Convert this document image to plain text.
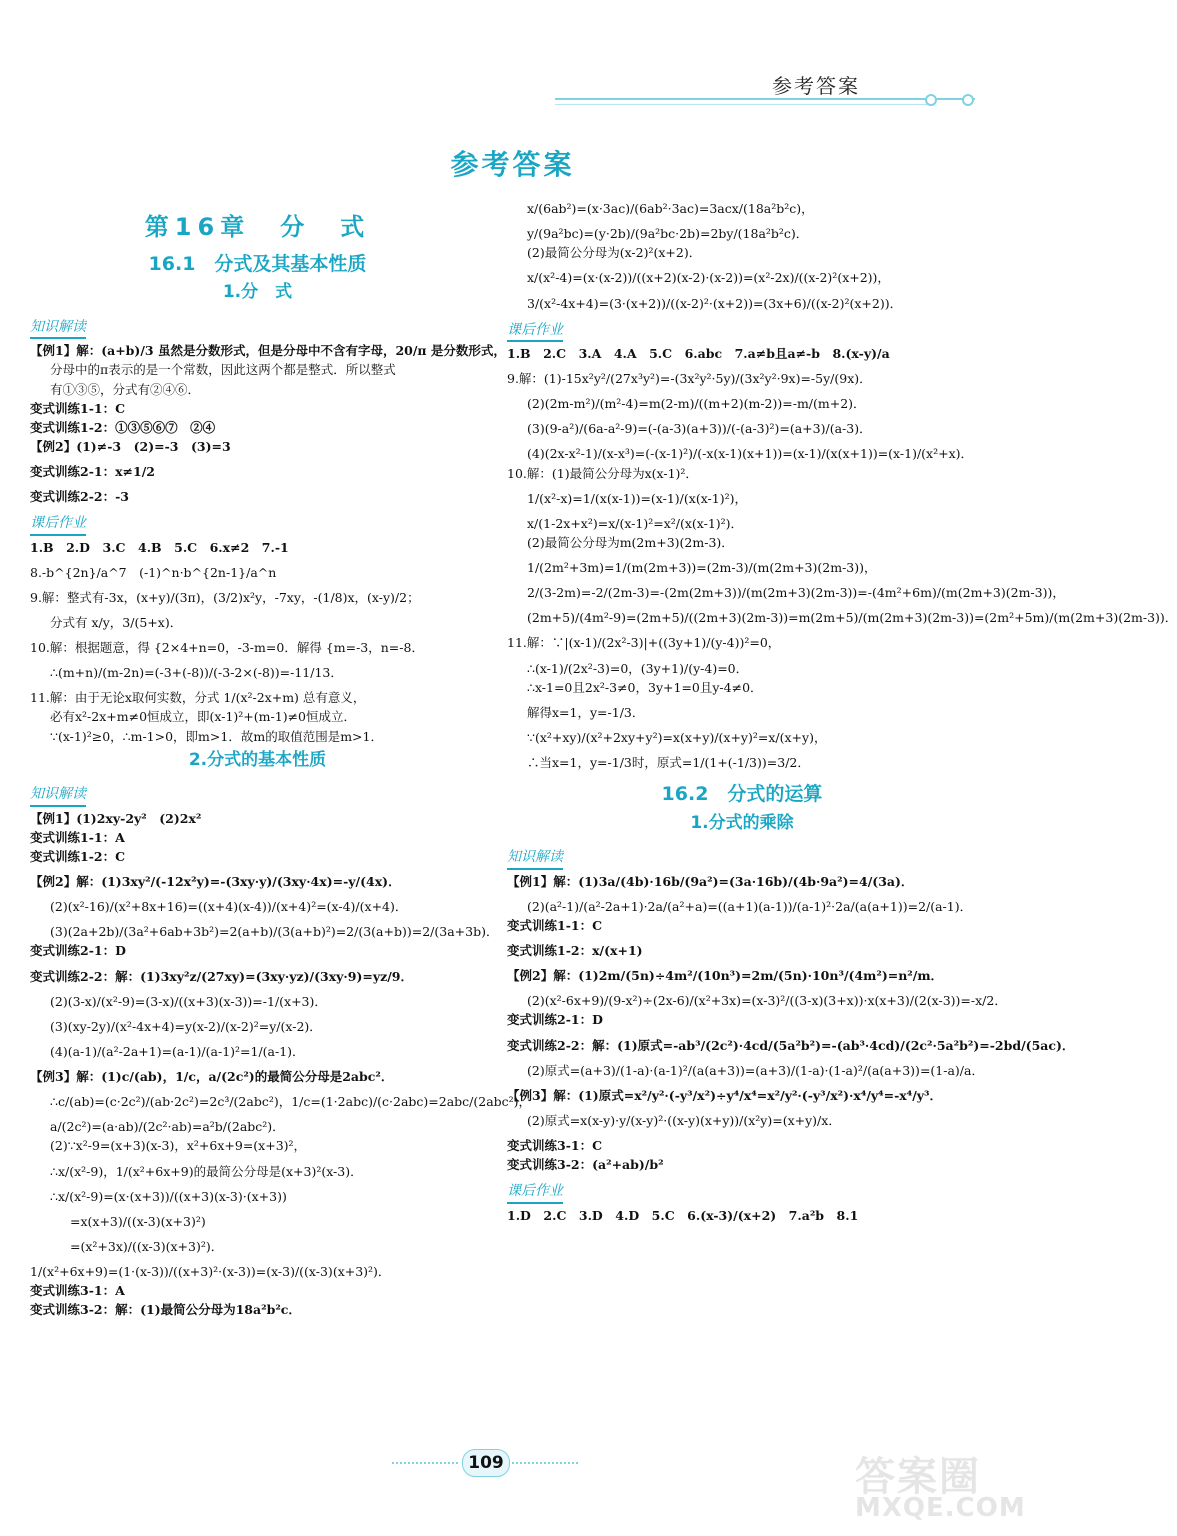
参考答案
参考答案
第16章　分　式
16.1　分式及其基本性质
1.分　式
知识解读
【例1】解：(a+b)/3 虽然是分数形式，但是分母中不含有字母，20/π 是分数形式，
分母中的π表示的是一个常数，因此这两个都是整式．所以整式
有①③⑤，分式有②④⑥．
变式训练1-1：C
变式训练1-2：①③⑤⑥⑦　②④
【例2】(1)≠-3　(2)=-3　(3)=3
变式训练2-1：x≠1/2
变式训练2-2：-3
课后作业
1.B　2.D　3.C　4.B　5.C　6.x≠2　7.-1
8.-b^{2n}/a^7　(-1)^n·b^{2n-1}/a^n
9.解：整式有-3x，(x+y)/(3π)，(3/2)x²y，-7xy，-(1/8)x，(x-y)/2；
分式有 x/y，3/(5+x)．
10.解：根据题意，得 {2×4+n=0，-3-m=0．解得 {m=-3，n=-8．
∴(m+n)/(m-2n)=(-3+(-8))/(-3-2×(-8))=-11/13．
11.解：由于无论x取何实数，分式 1/(x²-2x+m) 总有意义，
必有x²-2x+m≠0恒成立，即(x-1)²+(m-1)≠0恒成立．
∵(x-1)²≥0，∴m-1>0，即m>1．故m的取值范围是m>1．
2.分式的基本性质
知识解读
【例1】(1)2xy-2y²　(2)2x²
变式训练1-1：A
变式训练1-2：C
【例2】解：(1)3xy²/(-12x²y)=-(3xy·y)/(3xy·4x)=-y/(4x)．
(2)(x²-16)/(x²+8x+16)=((x+4)(x-4))/(x+4)²=(x-4)/(x+4)．
(3)(2a+2b)/(3a²+6ab+3b²)=2(a+b)/(3(a+b)²)=2/(3(a+b))=2/(3a+3b)．
变式训练2-1：D
变式训练2-2：解：(1)3xy²z/(27xy)=(3xy·yz)/(3xy·9)=yz/9．
(2)(3-x)/(x²-9)=(3-x)/((x+3)(x-3))=-1/(x+3)．
(3)(xy-2y)/(x²-4x+4)=y(x-2)/(x-2)²=y/(x-2)．
(4)(a-1)/(a²-2a+1)=(a-1)/(a-1)²=1/(a-1)．
【例3】解：(1)c/(ab)，1/c，a/(2c²)的最简公分母是2abc²．
∴c/(ab)=(c·2c²)/(ab·2c²)=2c³/(2abc²)，1/c=(1·2abc)/(c·2abc)=2abc/(2abc²)，
a/(2c²)=(a·ab)/(2c²·ab)=a²b/(2abc²)．
(2)∵x²-9=(x+3)(x-3)，x²+6x+9=(x+3)²，
∴x/(x²-9)，1/(x²+6x+9)的最简公分母是(x+3)²(x-3)．
∴x/(x²-9)=(x·(x+3))/((x+3)(x-3)·(x+3))
=x(x+3)/((x-3)(x+3)²)
=(x²+3x)/((x-3)(x+3)²)．
1/(x²+6x+9)=(1·(x-3))/((x+3)²·(x-3))=(x-3)/((x-3)(x+3)²)．
变式训练3-1：A
变式训练3-2：解：(1)最简公分母为18a²b²c．
x/(6ab²)=(x·3ac)/(6ab²·3ac)=3acx/(18a²b²c)，
y/(9a²bc)=(y·2b)/(9a²bc·2b)=2by/(18a²b²c)．
(2)最简公分母为(x-2)²(x+2)．
x/(x²-4)=(x·(x-2))/((x+2)(x-2)·(x-2))=(x²-2x)/((x-2)²(x+2))，
3/(x²-4x+4)=(3·(x+2))/((x-2)²·(x+2))=(3x+6)/((x-2)²(x+2))．
课后作业
1.B　2.C　3.A　4.A　5.C　6.abc　7.a≠b且a≠-b　8.(x-y)/a
9.解：(1)-15x²y²/(27x³y²)=-(3x²y²·5y)/(3x²y²·9x)=-5y/(9x)．
(2)(2m-m²)/(m²-4)=m(2-m)/((m+2)(m-2))=-m/(m+2)．
(3)(9-a²)/(6a-a²-9)=(-(a-3)(a+3))/(-(a-3)²)=(a+3)/(a-3)．
(4)(2x-x²-1)/(x-x³)=(-(x-1)²)/(-x(x-1)(x+1))=(x-1)/(x(x+1))=(x-1)/(x²+x)．
10.解：(1)最简公分母为x(x-1)²．
1/(x²-x)=1/(x(x-1))=(x-1)/(x(x-1)²)，
x/(1-2x+x²)=x/(x-1)²=x²/(x(x-1)²)．
(2)最简公分母为m(2m+3)(2m-3)．
1/(2m²+3m)=1/(m(2m+3))=(2m-3)/(m(2m+3)(2m-3))，
2/(3-2m)=-2/(2m-3)=-(2m(2m+3))/(m(2m+3)(2m-3))=-(4m²+6m)/(m(2m+3)(2m-3))，
(2m+5)/(4m²-9)=(2m+5)/((2m+3)(2m-3))=m(2m+5)/(m(2m+3)(2m-3))=(2m²+5m)/(m(2m+3)(2m-3))．
11.解：∵|(x-1)/(2x²-3)|+((3y+1)/(y-4))²=0，
∴(x-1)/(2x²-3)=0，(3y+1)/(y-4)=0．
∴x-1=0且2x²-3≠0，3y+1=0且y-4≠0．
解得x=1，y=-1/3．
∵(x²+xy)/(x²+2xy+y²)=x(x+y)/(x+y)²=x/(x+y)，
∴当x=1，y=-1/3时，原式=1/(1+(-1/3))=3/2．
16.2　分式的运算
1.分式的乘除
知识解读
【例1】解：(1)3a/(4b)·16b/(9a²)=(3a·16b)/(4b·9a²)=4/(3a)．
(2)(a²-1)/(a²-2a+1)·2a/(a²+a)=((a+1)(a-1))/(a-1)²·2a/(a(a+1))=2/(a-1)．
变式训练1-1：C
变式训练1-2：x/(x+1)
【例2】解：(1)2m/(5n)÷4m²/(10n³)=2m/(5n)·10n³/(4m²)=n²/m．
(2)(x²-6x+9)/(9-x²)÷(2x-6)/(x²+3x)=(x-3)²/((3-x)(3+x))·x(x+3)/(2(x-3))=-x/2．
变式训练2-1：D
变式训练2-2：解：(1)原式=-ab³/(2c²)·4cd/(5a²b²)=-(ab³·4cd)/(2c²·5a²b²)=-2bd/(5ac)．
(2)原式=(a+3)/(1-a)·(a-1)²/(a(a+3))=(a+3)/(1-a)·(1-a)²/(a(a+3))=(1-a)/a．
【例3】解：(1)原式=x²/y²·(-y³/x²)÷y⁴/x⁴=x²/y²·(-y³/x²)·x⁴/y⁴=-x⁴/y³．
(2)原式=x(x-y)·y/(x-y)²·((x-y)(x+y))/(x²y)=(x+y)/x．
变式训练3-1：C
变式训练3-2：(a²+ab)/b²
课后作业
1.D　2.C　3.D　4.D　5.C　6.(x-3)/(x+2)　7.a²b　8.1
109	答案圈
MXQE.COM
